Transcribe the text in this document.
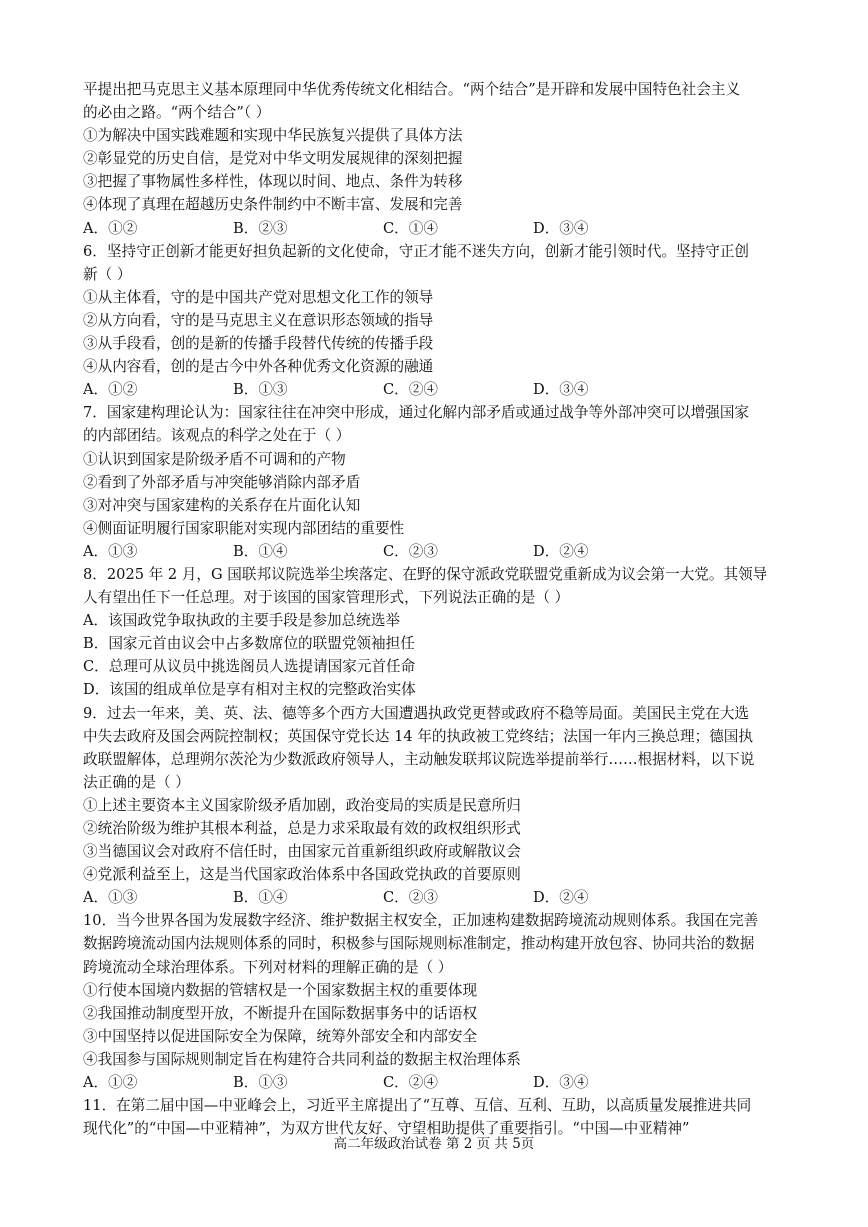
平提出把马克思主义基本原理同中华优秀传统文化相结合。“两个结合”是开辟和发展中国特色社会主义
的必由之路。“两个结合”（ ）
①为解决中国实践难题和实现中华民族复兴提供了具体方法
②彰显党的历史自信，是党对中华文明发展规律的深刻把握
③把握了事物属性多样性，体现以时间、地点、条件为转移
④体现了真理在超越历史条件制约中不断丰富、发展和完善
A．①②	B．②③	C．①④	D．③④
6．坚持守正创新才能更好担负起新的文化使命，守正才能不迷失方向，创新才能引领时代。坚持守正创
新（ ）
①从主体看，守的是中国共产党对思想文化工作的领导
②从方向看，守的是马克思主义在意识形态领域的指导
③从手段看，创的是新的传播手段替代传统的传播手段
④从内容看，创的是古今中外各种优秀文化资源的融通
A．①②	B．①③	C．②④	D．③④
7．国家建构理论认为：国家往往在冲突中形成，通过化解内部矛盾或通过战争等外部冲突可以增强国家
的内部团结。该观点的科学之处在于（ ）
①认识到国家是阶级矛盾不可调和的产物
②看到了外部矛盾与冲突能够消除内部矛盾
③对冲突与国家建构的关系存在片面化认知
④侧面证明履行国家职能对实现内部团结的重要性
A．①③	B．①④	C．②③	D．②④
8．2025 年 2 月，G 国联邦议院选举尘埃落定、在野的保守派政党联盟党重新成为议会第一大党。其领导
人有望出任下一任总理。对于该国的国家管理形式，下列说法正确的是（ ）
A．该国政党争取执政的主要手段是参加总统选举
B．国家元首由议会中占多数席位的联盟党领袖担任
C．总理可从议员中挑选阁员人选提请国家元首任命
D．该国的组成单位是享有相对主权的完整政治实体
9．过去一年来，美、英、法、德等多个西方大国遭遇执政党更替或政府不稳等局面。美国民主党在大选
中失去政府及国会两院控制权；英国保守党长达 14 年的执政被工党终结；法国一年内三换总理；德国执
政联盟解体，总理朔尔茨沦为少数派政府领导人，主动触发联邦议院选举提前举行……根据材料，以下说
法正确的是（ ）
①上述主要资本主义国家阶级矛盾加剧，政治变局的实质是民意所归
②统治阶级为维护其根本利益，总是力求采取最有效的政权组织形式
③当德国议会对政府不信任时，由国家元首重新组织政府或解散议会
④党派利益至上，这是当代国家政治体系中各国政党执政的首要原则
A．①③	B．①④	C．②③	D．②④
10．当今世界各国为发展数字经济、维护数据主权安全，正加速构建数据跨境流动规则体系。我国在完善
数据跨境流动国内法规则体系的同时，积极参与国际规则标准制定，推动构建开放包容、协同共治的数据
跨境流动全球治理体系。下列对材料的理解正确的是（ ）
①行使本国境内数据的管辖权是一个国家数据主权的重要体现
②我国推动制度型开放，不断提升在国际数据事务中的话语权
③中国坚持以促进国际安全为保障，统筹外部安全和内部安全
④我国参与国际规则制定旨在构建符合共同利益的数据主权治理体系
A．①②	B．①③	C．②④	D．③④
11．在第二届中国—中亚峰会上，习近平主席提出了“互尊、互信、互利、互助，以高质量发展推进共同
现代化”的“中国—中亚精神”，为双方世代友好、守望相助提供了重要指引。“中国—中亚精神”
高二年级政治试卷 第 2 页 共 5页
